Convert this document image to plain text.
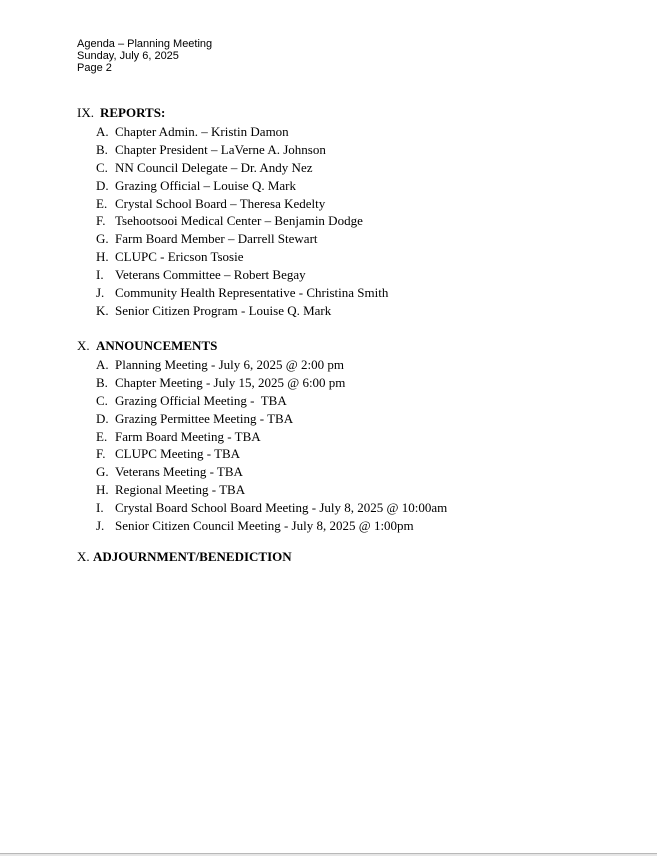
Agenda – Planning Meeting
Sunday, July 6, 2025
Page 2
IX. REPORTS:
A. Chapter Admin. – Kristin Damon
B. Chapter President – LaVerne A. Johnson
C. NN Council Delegate – Dr. Andy Nez
D. Grazing Official – Louise Q. Mark
E. Crystal School Board – Theresa Kedelty
F. Tsehootsooi Medical Center – Benjamin Dodge
G. Farm Board Member – Darrell Stewart
H. CLUPC - Ericson Tsosie
I. Veterans Committee – Robert Begay
J. Community Health Representative - Christina Smith
K. Senior Citizen Program - Louise Q. Mark
X. ANNOUNCEMENTS
A. Planning Meeting - July 6, 2025 @ 2:00 pm
B. Chapter Meeting - July 15, 2025 @ 6:00 pm
C. Grazing Official Meeting -  TBA
D. Grazing Permittee Meeting - TBA
E. Farm Board Meeting - TBA
F. CLUPC Meeting - TBA
G. Veterans Meeting - TBA
H. Regional Meeting - TBA
I. Crystal Board School Board Meeting - July 8, 2025 @ 10:00am
J. Senior Citizen Council Meeting - July 8, 2025 @ 1:00pm
X. ADJOURNMENT/BENEDICTION
